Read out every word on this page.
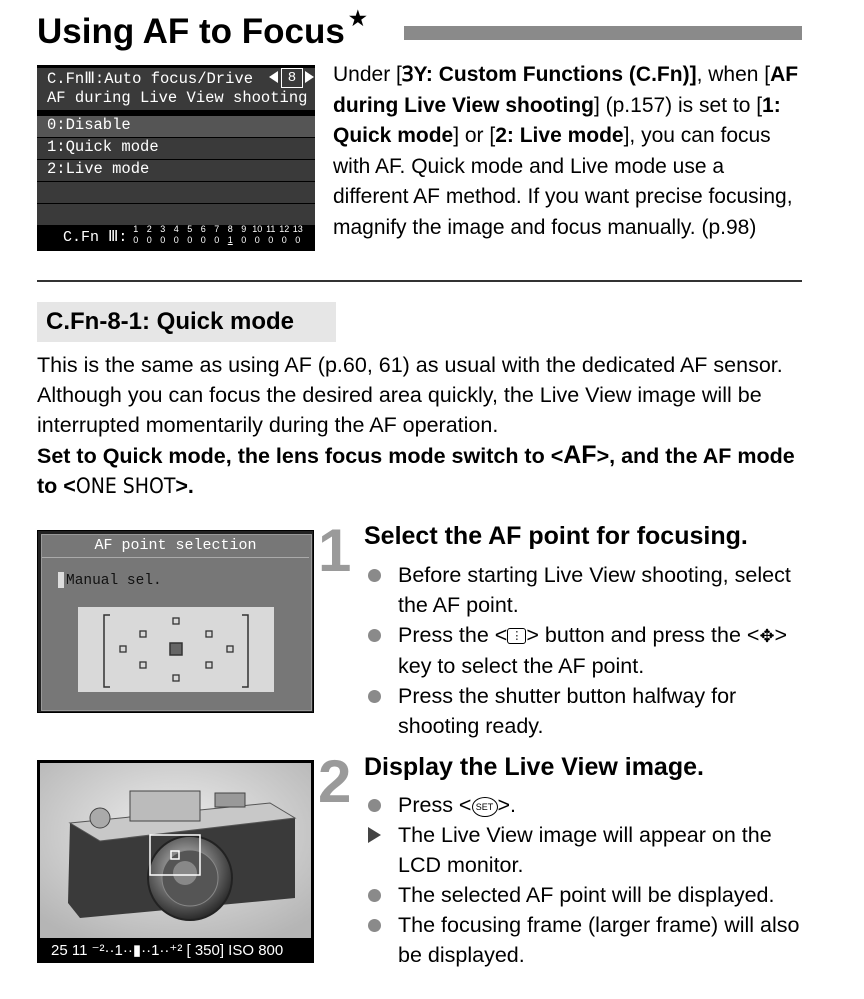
Using AF to Focus ★
C.FnⅢ:Auto focus/Drive	8
AF during Live View shooting
0:Disable
1:Quick mode
2:Live mode
C.Fn Ⅲ: 1
0
2
0
3
0
4
0
5
0
6
0
7
0
8
1
9
0
10
0
11
0
12
0
13
0
Under [ꝪY: Custom Functions (C.Fn)], when [AF during Live View shooting] (p.157) is set to [1: Quick mode] or [2: Live mode], you can focus with AF. Quick mode and Live mode use a different AF method. If you want precise focusing, magnify the image and focus manually. (p.98)
C.Fn-8-1: Quick mode
This is the same as using AF (p.60, 61) as usual with the dedicated AF sensor. Although you can focus the desired area quickly, the Live View image will be interrupted momentarily during the AF operation.
Set to Quick mode, the lens focus mode switch to <AF>, and the AF mode to <ONE SHOT>.
AF point selection
Manual sel.	1 Select the AF point for focusing.
Before starting Live View shooting, select the AF point.
Press the < ⋮ > button and press the <✥> key to select the AF point.
Press the shutter button halfway for shooting ready.
25 11 ⁻²··1··▮··1··⁺² [ 350] ISO 800
2 Display the Live View image.
Press < SET >.
The Live View image will appear on the LCD monitor.
The selected AF point will be displayed.
The focusing frame (larger frame) will also be displayed.
